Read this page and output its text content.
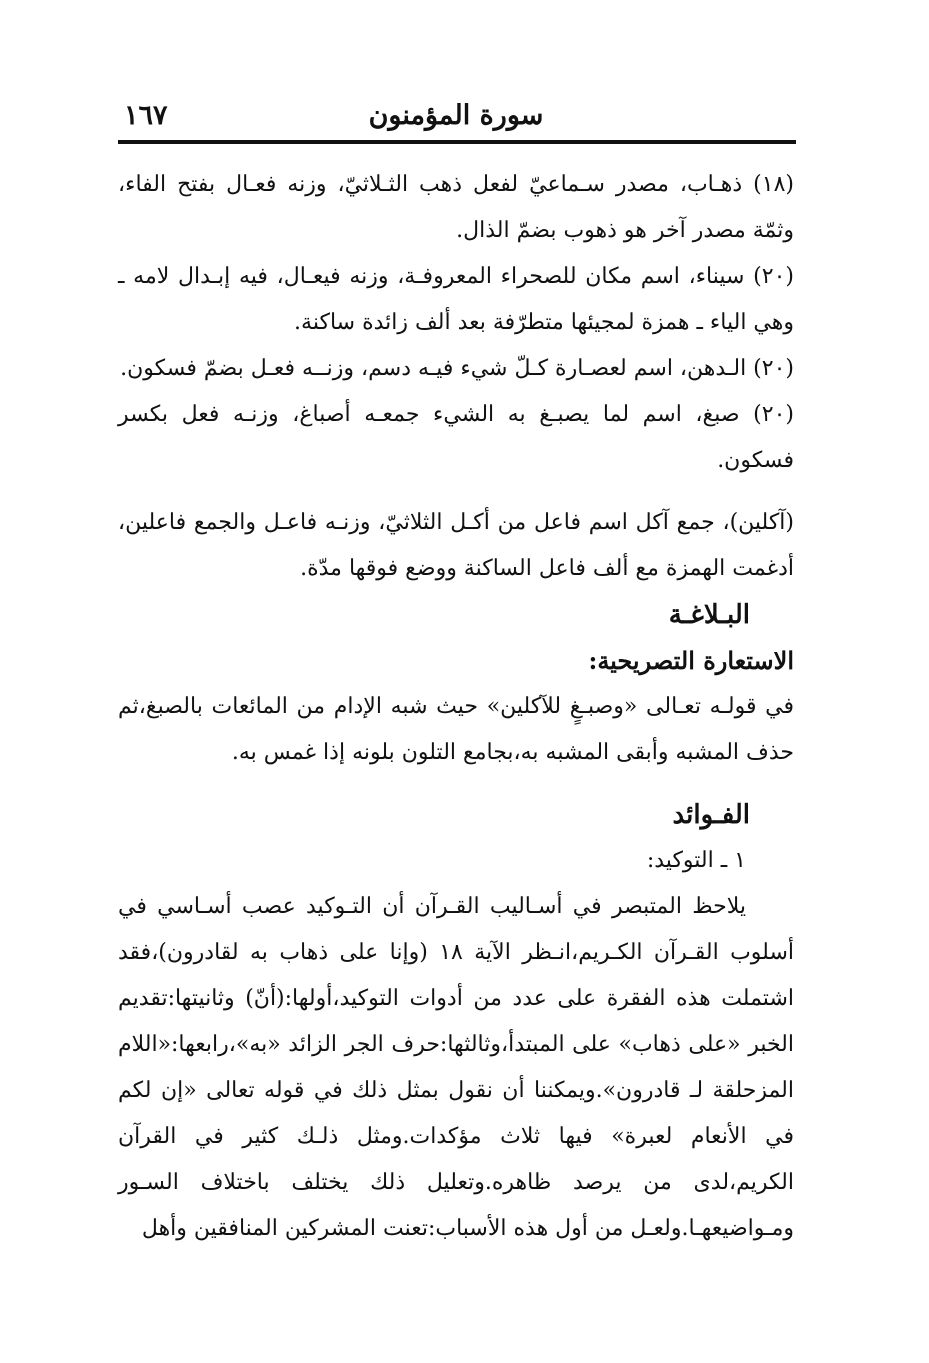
سورة المؤمنون
١٦٧

(١٨) ذهـاب، مصدر سـماعيّ لفعل ذهب الثـلاثيّ، وزنه فعـال بفتح الفاء، وثمّة مصدر آخر هو ذهوب بضمّ الذال.

(٢٠) سيناء، اسم مكان للصحراء المعروفـة، وزنه فيعـال، فيه إبـدال لامه ـ وهي الياء ـ همزة لمجيئها متطرّفة بعد ألف زائدة ساكنة.

(٢٠) الـدهن، اسم لعصـارة كـلّ شيء فيـه دسم، وزنــه فعـل بضمّ فسكون.

(٢٠) صبغ، اسم لما يصبـغ به الشيء جمعـه أصباغ، وزنـه فعل بكسر فسكون.

(آكلين)، جمع آكل اسم فاعل من أكـل الثلاثيّ، وزنـه فاعـل والجمع فاعلين، أدغمت الهمزة مع ألف فاعل الساكنة ووضع فوقها مدّة.

البـلاغـة

الاستعارة التصريحية:

في قولـه تعـالى «وصبـغٍ للآكلين» حيث شبه الإدام من المائعات بالصبغ،ثم حذف المشبه وأبقى المشبه به،بجامع التلون بلونه إذا غمس به.

الفـوائد

١ ـ التوكيد:

يلاحظ المتبصر في أسـاليب القـرآن أن التـوكيد عصب أسـاسي في أسلوب القـرآن الكـريم،انـظر الآية ١٨ (وإنا على ذهاب به لقادرون)،فقد اشتملت هذه الفقرة على عدد من أدوات التوكيد،أولها:(أنّ) وثانيتها:تقديم الخبر «على ذهاب» على المبتدأ،وثالثها:حرف الجر الزائد «به»،رابعها:«اللام المزحلقة لـ قادرون».ويمكننا أن نقول بمثل ذلك في قوله تعالى «إن لكم في الأنعام لعبرة» فيها ثلاث مؤكدات.ومثل ذلـك كثير في القرآن الكريم،لدى من يرصد ظاهره.وتعليل ذلك يختلف باختلاف السـور ومـواضيعهـا.ولعـل من أول هذه الأسباب:تعنت المشركين المنافقين وأهل
